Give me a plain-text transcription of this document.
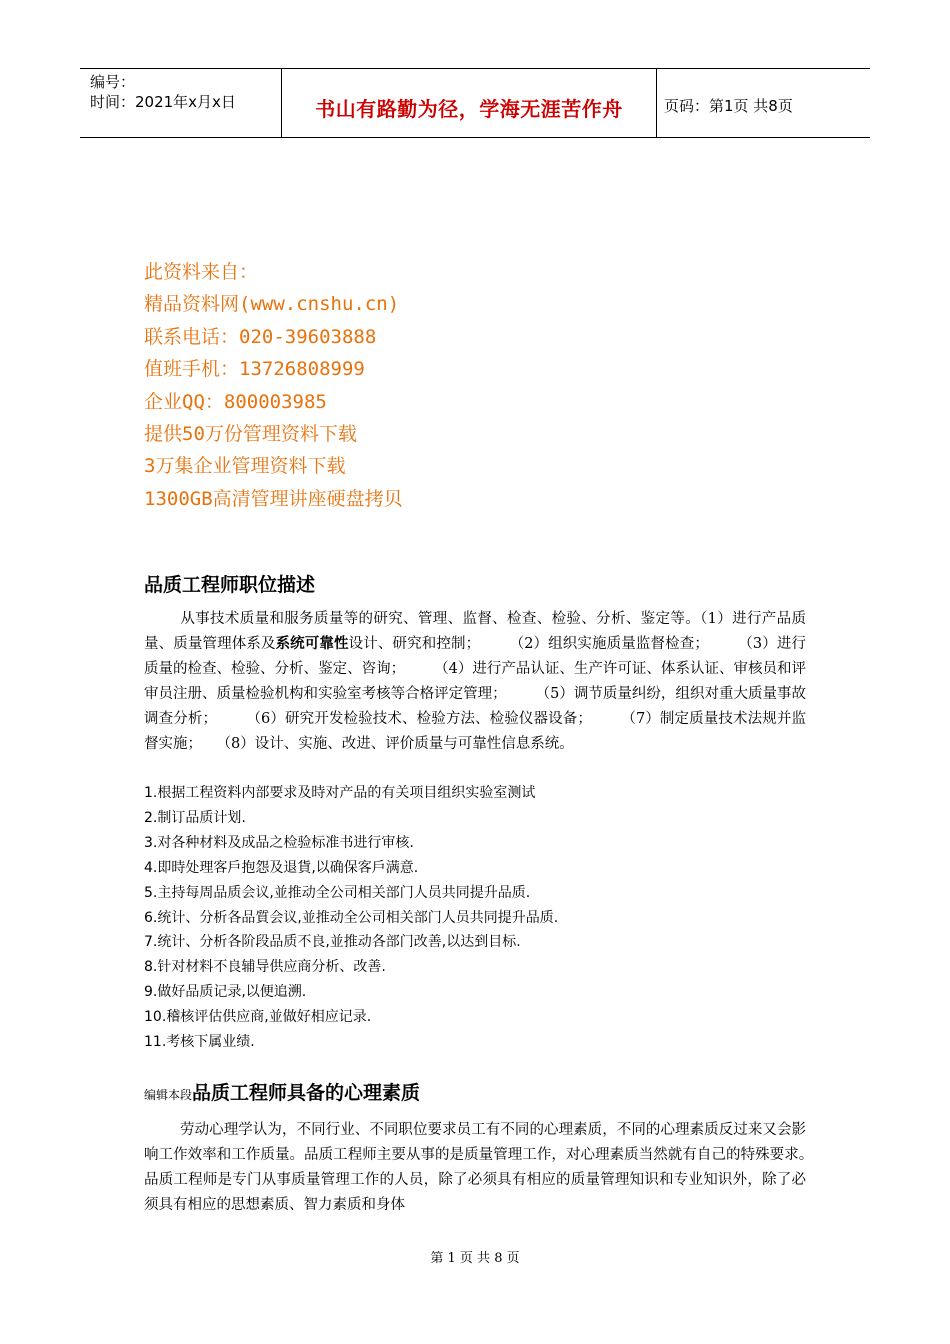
编号：
时间：2021年x月x日	书山有路勤为径，学海无涯苦作舟	页码：第1页 共8页
此资料来自：
精品资料网(www.cnshu.cn)
联系电话：020-39603888
值班手机：13726808999
企业QQ：800003985
提供50万份管理资料下载
3万集企业管理资料下载
1300GB高清管理讲座硬盘拷贝
品质工程师职位描述
从事技术质量和服务质量等的研究、管理、监督、检查、检验、分析、鉴定等。（1）进行产品质量、质量管理体系及系统可靠性设计、研究和控制；　　　（2）组织实施质量监督检查；　　　（3）进行质量的检查、检验、分析、鉴定、咨询；　　　（4）进行产品认证、生产许可证、体系认证、审核员和评审员注册、质量检验机构和实验室考核等合格评定管理；　　　（5）调节质量纠纷，组织对重大质量事故调查分析；　　　（6）研究开发检验技术、检验方法、检验仪器设备；　　　（7）制定质量技术法规并监督实施；　　（8）设计、实施、改进、评价质量与可靠性信息系统。
1.根据工程资料内部要求及時对产品的有关项目组织实验室测试
2.制订品质计划.
3.对各种材料及成品之检验标准书进行审核.
4.即時处理客戶抱怨及退貨,以确保客戶满意.
5.主持每周品质会议,並推动全公司相关部门人员共同提升品质.
6.统计、分析各品質会议,並推动全公司相关部门人员共同提升品质.
7.统计、分析各阶段品质不良,並推动各部门改善,以达到目标.
8.针对材料不良辅导供应商分析、改善.
9.做好品质记录,以便追溯.
10.稽核评估供应商,並做好相应记录.
11.考核下属业绩.
编辑本段品质工程师具备的心理素质
劳动心理学认为，不同行业、不同职位要求员工有不同的心理素质，不同的心理素质反过来又会影响工作效率和工作质量。品质工程师主要从事的是质量管理工作，对心理素质当然就有自己的特殊要求。　　品质工程师是专门从事质量管理工作的人员，除了必须具有相应的质量管理知识和专业知识外，除了必须具有相应的思想素质、智力素质和身体
第 1 页 共 8 页
